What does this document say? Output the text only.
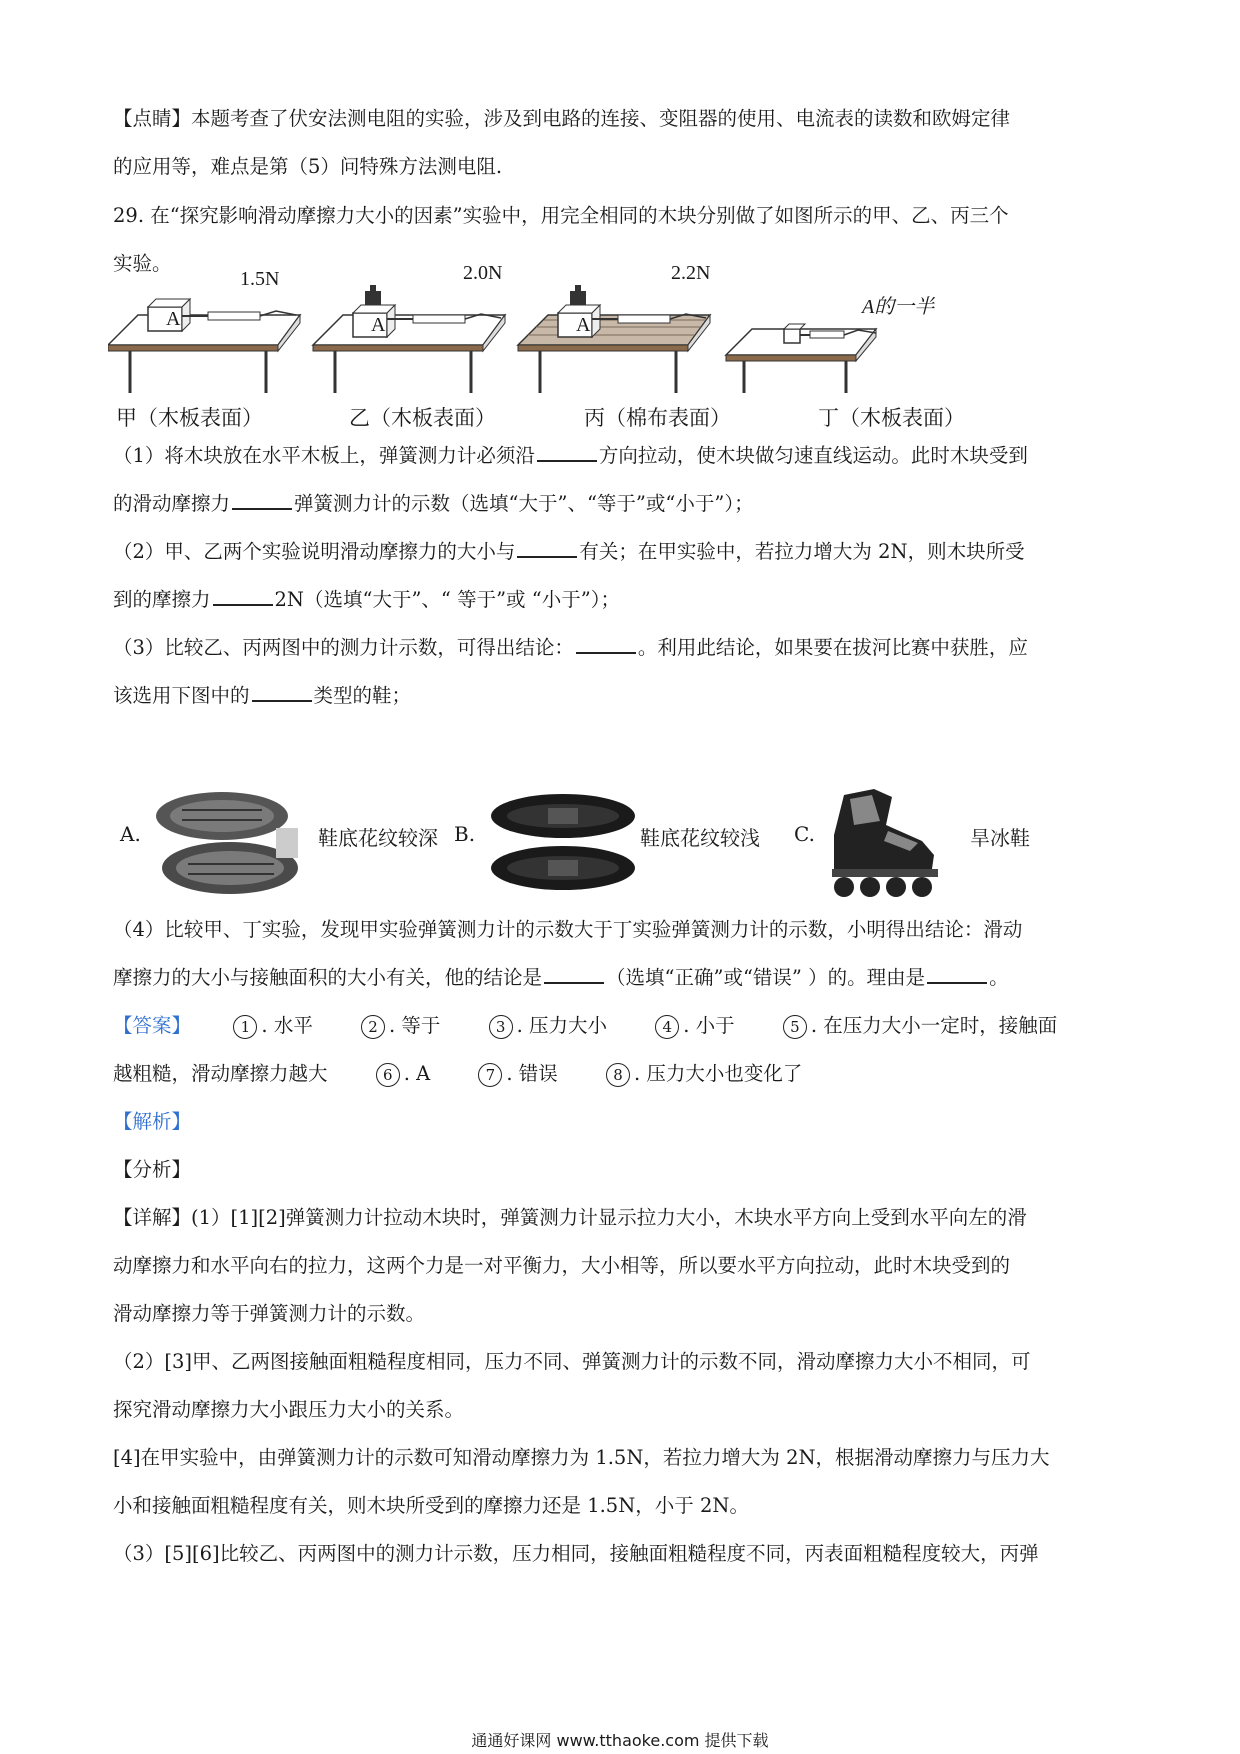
【点睛】本题考查了伏安法测电阻的实验，涉及到电路的连接、变阻器的使用、电流表的读数和欧姆定律
的应用等，难点是第（5）问特殊方法测电阻.
29. 在“探究影响滑动摩擦力大小的因素”实验中，用完全相同的木块分别做了如图所示的甲、乙、丙三个
实验。
A	A	A
1.5N	2.0N	2.2N
A的一半
甲（木板表面）	乙（木板表面）	丙（棉布表面）	丁（木板表面）
（1）将木块放在水平木板上，弹簧测力计必须沿	方向拉动，使木块做匀速直线运动。此时木块受到
的滑动摩擦力	弹簧测力计的示数（选填“大于”、“等于”或“小于”）；
（2）甲、乙两个实验说明滑动摩擦力的大小与	有关；在甲实验中，若拉力增大为 2N，则木块所受
到的摩擦力	2N（选填“大于”、“ 等于”或 “小于”）；
（3）比较乙、丙两图中的测力计示数，可得出结论：	。利用此结论，如果要在拔河比赛中获胜，应
该选用下图中的	类型的鞋；
A.	鞋底花纹较深 B.	鞋底花纹较浅 C.	旱冰鞋
（4）比较甲、丁实验，发现甲实验弹簧测力计的示数大于丁实验弹簧测力计的示数，小明得出结论：滑动
摩擦力的大小与接触面积的大小有关，他的结论是	（选填“正确”或“错误” ）的。理由是	。
【答案】	1 . 水平	2 . 等于	3 . 压力大小	4 . 小于	5 . 在压力大小一定时，接触面
越粗糙，滑动摩擦力越大	6 . A	7 . 错误	8 . 压力大小也变化了
【解析】
【分析】
【详解】(1）[1][2]弹簧测力计拉动木块时，弹簧测力计显示拉力大小，木块水平方向上受到水平向左的滑
动摩擦力和水平向右的拉力，这两个力是一对平衡力，大小相等，所以要水平方向拉动，此时木块受到的
滑动摩擦力等于弹簧测力计的示数。
（2）[3]甲、乙两图接触面粗糙程度相同，压力不同、弹簧测力计的示数不同，滑动摩擦力大小不相同，可
探究滑动摩擦力大小跟压力大小的关系。
[4]在甲实验中，由弹簧测力计的示数可知滑动摩擦力为 1.5N，若拉力增大为 2N，根据滑动摩擦力与压力大
小和接触面粗糙程度有关，则木块所受到的摩擦力还是 1.5N，小于 2N。
（3）[5][6]比较乙、丙两图中的测力计示数，压力相同，接触面粗糙程度不同，丙表面粗糙程度较大，丙弹
通通好课网 www.tthaoke.com 提供下载
